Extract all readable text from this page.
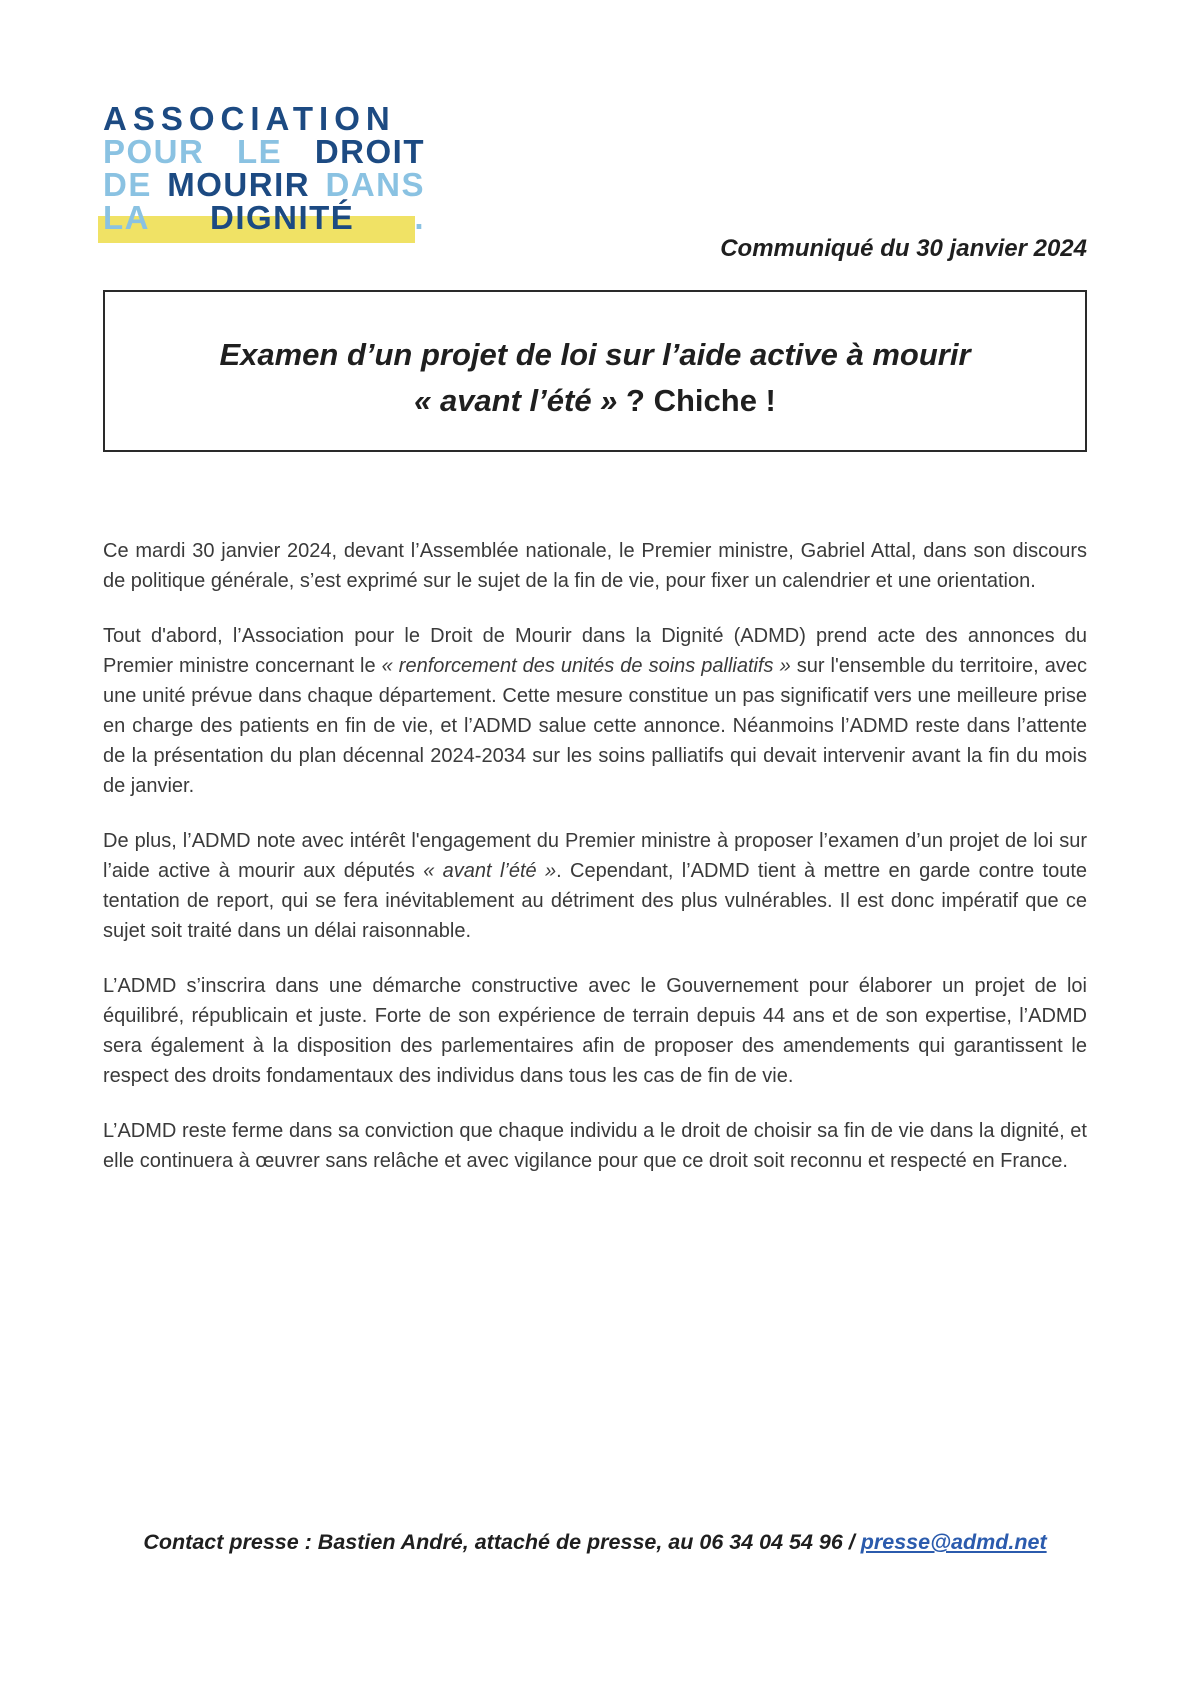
ASSOCIATION
POUR LE DROIT
DE MOURIR DANS
LA DIGNITÉ .
Communiqué du 30 janvier 2024
Examen d’un projet de loi sur l’aide active à mourir
« avant l’été » ? Chiche !

Ce mardi 30 janvier 2024, devant l’Assemblée nationale, le Premier ministre, Gabriel Attal, dans son discours de politique générale, s’est exprimé sur le sujet de la fin de vie, pour fixer un calendrier et une orientation.

Tout d'abord, l’Association pour le Droit de Mourir dans la Dignité (ADMD) prend acte des annonces du Premier ministre concernant le « renforcement des unités de soins palliatifs » sur l'ensemble du territoire, avec une unité prévue dans chaque département. Cette mesure constitue un pas significatif vers une meilleure prise en charge des patients en fin de vie, et l’ADMD salue cette annonce. Néanmoins l’ADMD reste dans l’attente de la présentation du plan décennal 2024-2034 sur les soins palliatifs qui devait intervenir avant la fin du mois de janvier.

De plus, l’ADMD note avec intérêt l'engagement du Premier ministre à proposer l’examen d’un projet de loi sur l’aide active à mourir aux députés « avant l’été ». Cependant, l’ADMD tient à mettre en garde contre toute tentation de report, qui se fera inévitablement au détriment des plus vulnérables. Il est donc impératif que ce sujet soit traité dans un délai raisonnable.

L’ADMD s’inscrira dans une démarche constructive avec le Gouvernement pour élaborer un projet de loi équilibré, républicain et juste. Forte de son expérience de terrain depuis 44 ans et de son expertise, l’ADMD sera également à la disposition des parlementaires afin de proposer des amendements qui garantissent le respect des droits fondamentaux des individus dans tous les cas de fin de vie.

L’ADMD reste ferme dans sa conviction que chaque individu a le droit de choisir sa fin de vie dans la dignité, et elle continuera à œuvrer sans relâche et avec vigilance pour que ce droit soit reconnu et respecté en France.

Contact presse : Bastien André, attaché de presse, au 06 34 04 54 96 / presse@admd.net
